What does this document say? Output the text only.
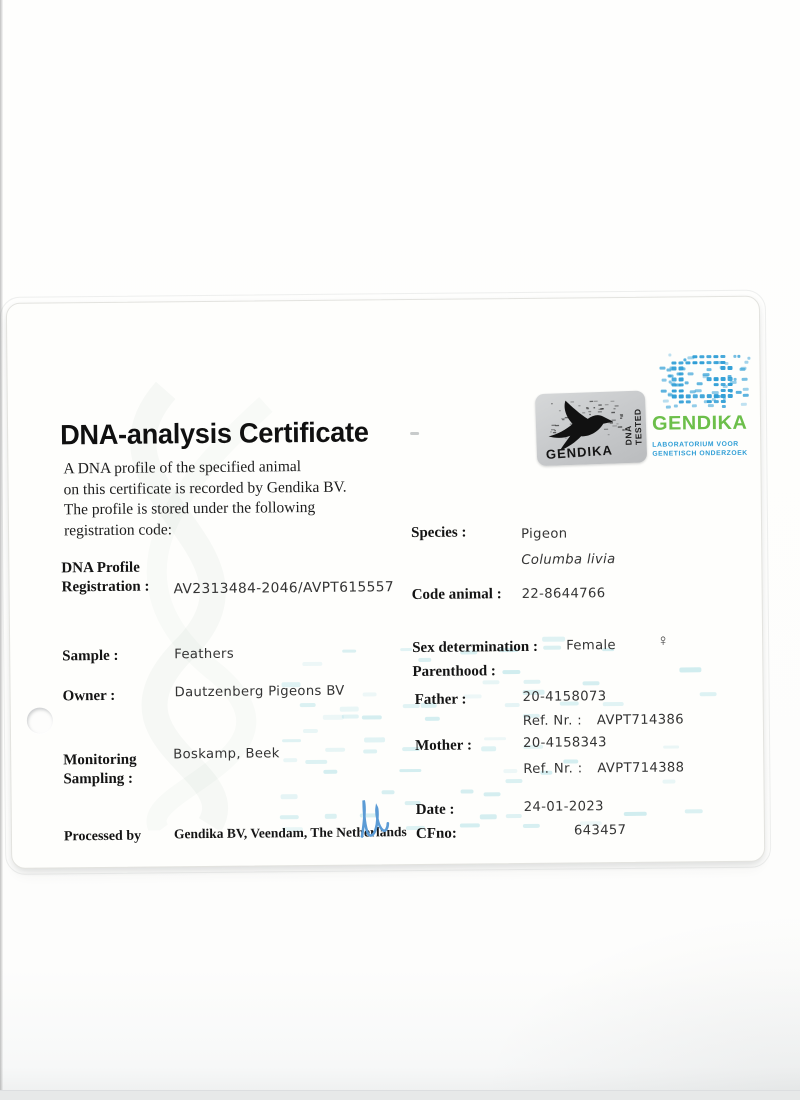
DNA-analysis Certificate
A DNA profile of the specified animal
on this certificate is recorded by Gendika BV.
The profile is stored under the following
registration code:
GENDIKA
DNA TESTED GENDIKA
LABORATORIUM VOOR
GENETISCH ONDERZOEK
DNA Profile
Registration : AV2313484-2046/AVPT615557
Sample :	Feathers
Owner :	Dautzenberg Pigeons BV
Monitoring
Sampling :
Boskamp, Beek
Processed by Gendika BV, Veendam, The Netherlands
Species :	Pigeon
Columba livia
Code animal : 22-8644766
Sex determination : Female	♀
Parenthood :
Father :	20-4158073
Ref. Nr. : AVPT714386
Mother :	20-4158343
Ref. Nr. : AVPT714388
Date :	24-01-2023
CFno:	643457
